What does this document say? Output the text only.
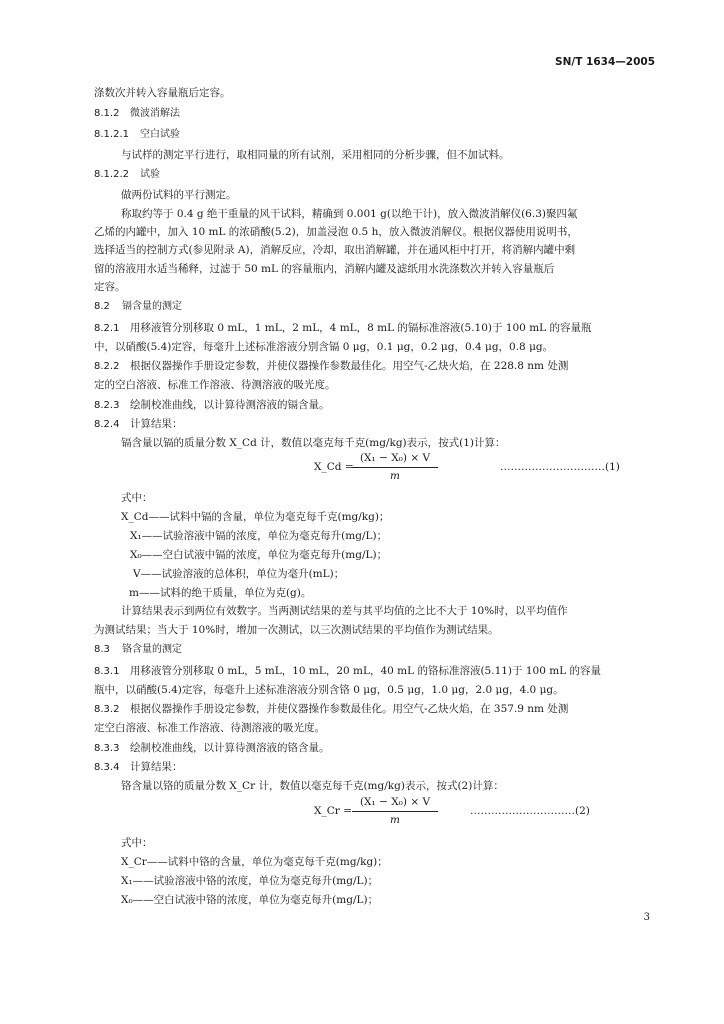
SN/T 1634—2005
涤数次并转入容量瓶后定容。
8.1.2 微波消解法
8.1.2.1 空白试验
与试样的测定平行进行，取相同量的所有试剂，采用相同的分析步骤，但不加试料。
8.1.2.2 试验
做两份试料的平行测定。
称取约等于 0.4 g 绝干重量的风干试料，精确到 0.001 g(以绝干计)，放入微波消解仪(6.3)聚四氟
乙烯的内罐中，加入 10 mL 的浓硝酸(5.2)，加盖浸泡 0.5 h，放入微波消解仪。根据仪器使用说明书，
选择适当的控制方式(参见附录 A)，消解反应，冷却，取出消解罐，并在通风柜中打开，将消解内罐中剩
留的溶液用水适当稀释，过滤于 50 mL 的容量瓶内，消解内罐及滤纸用水洗涤数次并转入容量瓶后
定容。
8.2 镉含量的测定
8.2.1 用移液管分别移取 0 mL，1 mL，2 mL，4 mL，8 mL 的镉标准溶液(5.10)于 100 mL 的容量瓶
中，以硝酸(5.4)定容，每毫升上述标准溶液分别含镉 0 μg，0.1 μg，0.2 μg，0.4 μg，0.8 μg。
8.2.2 根据仪器操作手册设定参数，并使仪器操作参数最佳化。用空气-乙炔火焰，在 228.8 nm 处测
定的空白溶液、标准工作溶液、待测溶液的吸光度。
8.2.3 绘制校准曲线，以计算待测溶液的镉含量。
8.2.4 计算结果：
镉含量以镉的质量分数 X_Cd 计，数值以毫克每千克(mg/kg)表示，按式(1)计算：
X_Cd =
(X₁ − X₀) × V
m
…………………………(1)
式中：
X_Cd——试料中镉的含量，单位为毫克每千克(mg/kg)；
X₁——试验溶液中镉的浓度，单位为毫克每升(mg/L)；
X₀——空白试液中镉的浓度，单位为毫克每升(mg/L)；
V——试验溶液的总体积，单位为毫升(mL)；
m——试料的绝干质量，单位为克(g)。
计算结果表示到两位有效数字。当两测试结果的差与其平均值的之比不大于 10%时，以平均值作
为测试结果；当大于 10%时，增加一次测试，以三次测试结果的平均值作为测试结果。
8.3 铬含量的测定
8.3.1 用移液管分别移取 0 mL，5 mL，10 mL，20 mL，40 mL 的铬标准溶液(5.11)于 100 mL 的容量
瓶中，以硝酸(5.4)定容，每毫升上述标准溶液分别含铬 0 μg，0.5 μg，1.0 μg，2.0 μg，4.0 μg。
8.3.2 根据仪器操作手册设定参数，并使仪器操作参数最佳化。用空气-乙炔火焰，在 357.9 nm 处测
定空白溶液、标准工作溶液、待测溶液的吸光度。
8.3.3 绘制校准曲线，以计算待测溶液的铬含量。
8.3.4 计算结果：
铬含量以铬的质量分数 X_Cr 计，数值以毫克每千克(mg/kg)表示，按式(2)计算：
X_Cr =
(X₁ − X₀) × V
m
…………………………(2)
式中：
X_Cr——试料中铬的含量，单位为毫克每千克(mg/kg)；
X₁——试验溶液中铬的浓度，单位为毫克每升(mg/L)；
X₀——空白试液中铬的浓度，单位为毫克每升(mg/L)；
3
